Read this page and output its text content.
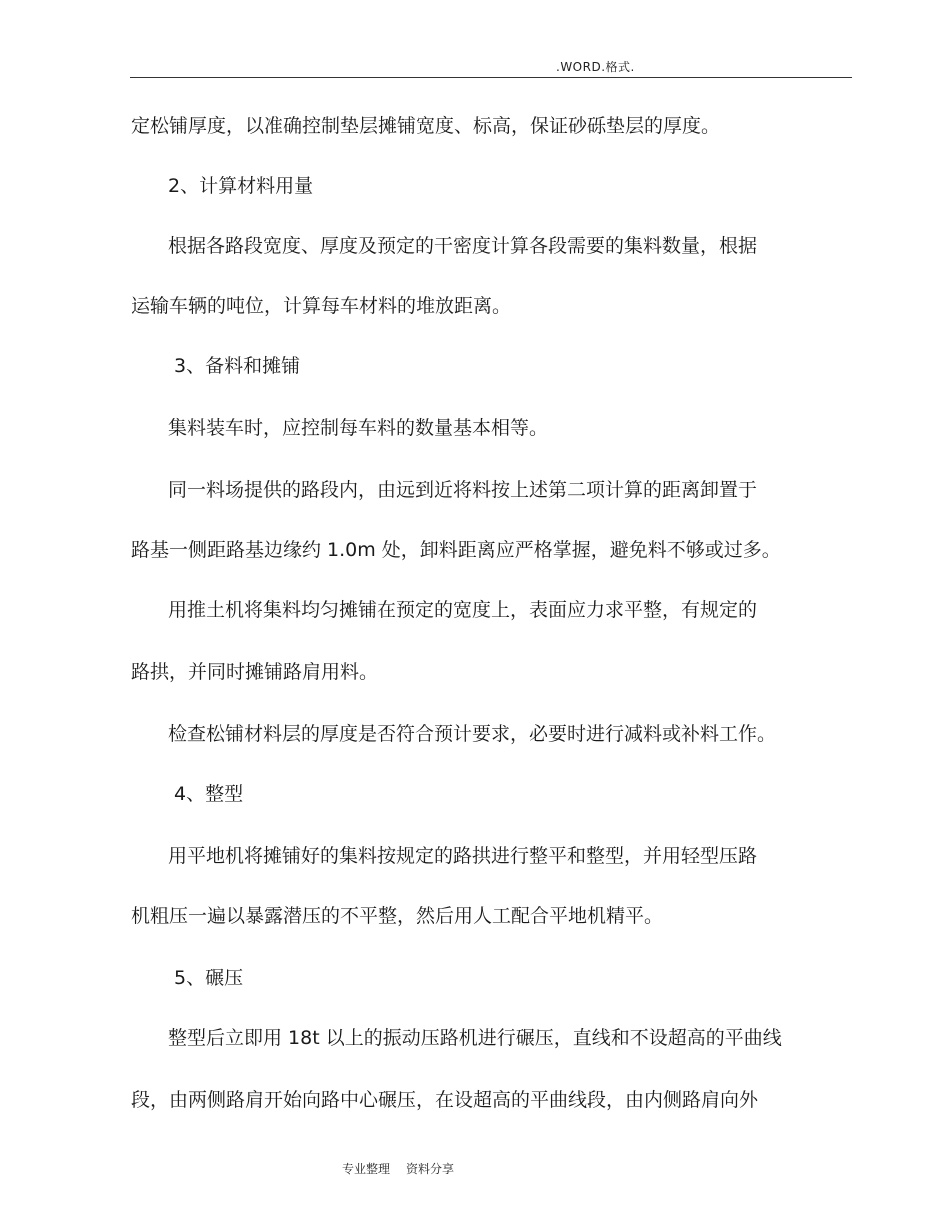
.WORD.格式.
定松铺厚度，以准确控制垫层摊铺宽度、标高，保证砂砾垫层的厚度。
2、计算材料用量
根据各路段宽度、厚度及预定的干密度计算各段需要的集料数量，根据
运输车辆的吨位，计算每车材料的堆放距离。
3、备料和摊铺
集料装车时，应控制每车料的数量基本相等。
同一料场提供的路段内，由远到近将料按上述第二项计算的距离卸置于
路基一侧距路基边缘约 1.0m 处，卸料距离应严格掌握，避免料不够或过多。
用推土机将集料均匀摊铺在预定的宽度上，表面应力求平整，有规定的
路拱，并同时摊铺路肩用料。
检查松铺材料层的厚度是否符合预计要求，必要时进行减料或补料工作。
4、整型
用平地机将摊铺好的集料按规定的路拱进行整平和整型，并用轻型压路
机粗压一遍以暴露潜压的不平整，然后用人工配合平地机精平。
5、碾压
整型后立即用 18t 以上的振动压路机进行碾压，直线和不设超高的平曲线
段，由两侧路肩开始向路中心碾压，在设超高的平曲线段，由内侧路肩向外
专业整理 资料分享
